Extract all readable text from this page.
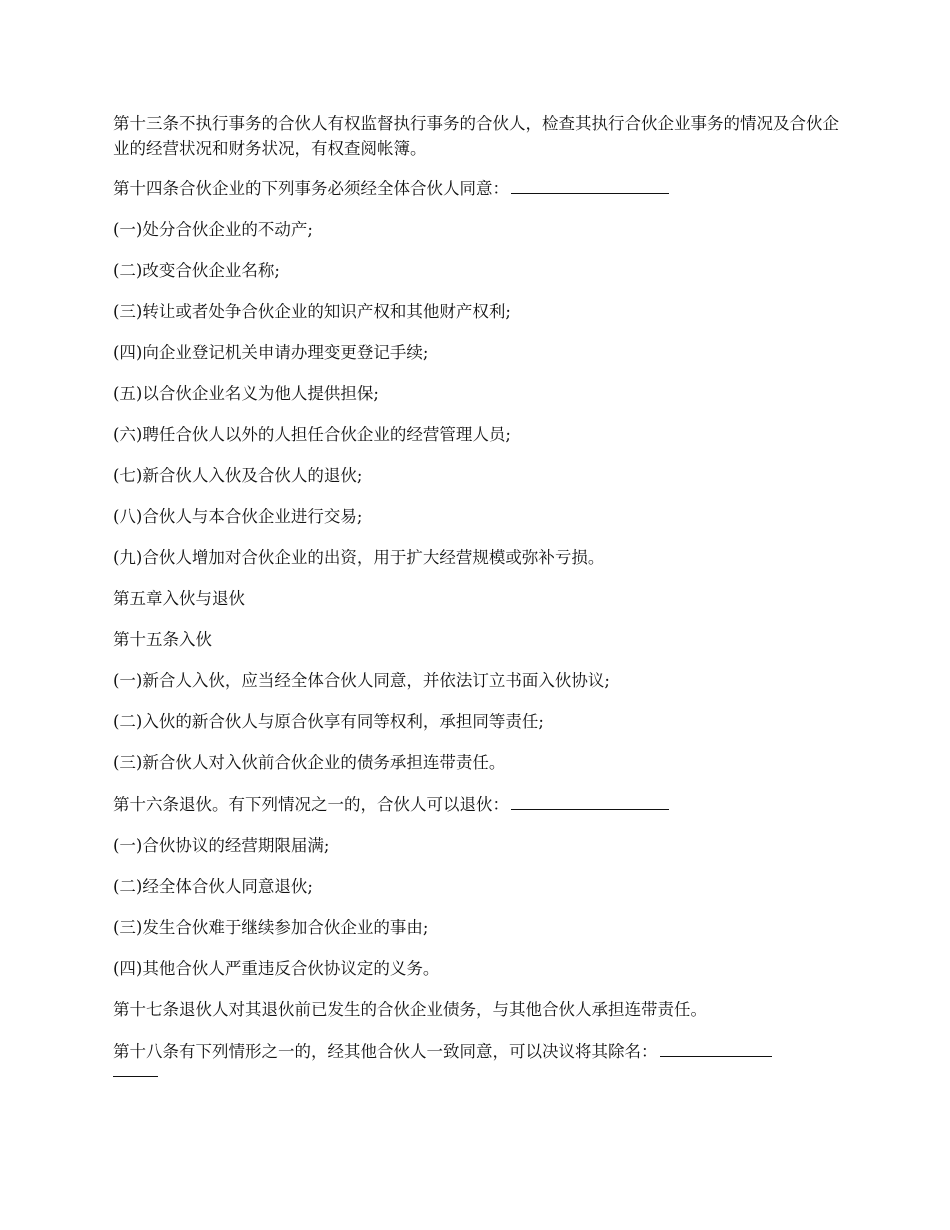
第十三条不执行事务的合伙人有权监督执行事务的合伙人，检查其执行合伙企业事务的情况及合伙企业的经营状况和财务状况，有权查阅帐簿。

第十四条合伙企业的下列事务必须经全体合伙人同意：

(一)处分合伙企业的不动产;

(二)改变合伙企业名称;

(三)转让或者处争合伙企业的知识产权和其他财产权利;

(四)向企业登记机关申请办理变更登记手续;

(五)以合伙企业名义为他人提供担保;

(六)聘任合伙人以外的人担任合伙企业的经营管理人员;

(七)新合伙人入伙及合伙人的退伙;

(八)合伙人与本合伙企业进行交易;

(九)合伙人增加对合伙企业的出资，用于扩大经营规模或弥补亏损。

第五章入伙与退伙

第十五条入伙

(一)新合人入伙，应当经全体合伙人同意，并依法订立书面入伙协议;

(二)入伙的新合伙人与原合伙享有同等权利，承担同等责任;

(三)新合伙人对入伙前合伙企业的债务承担连带责任。

第十六条退伙。有下列情况之一的，合伙人可以退伙：

(一)合伙协议的经营期限届满;

(二)经全体合伙人同意退伙;

(三)发生合伙难于继续参加合伙企业的事由;

(四)其他合伙人严重违反合伙协议定的义务。

第十七条退伙人对其退伙前已发生的合伙企业债务，与其他合伙人承担连带责任。

第十八条有下列情形之一的，经其他合伙人一致同意，可以决议将其除名：
